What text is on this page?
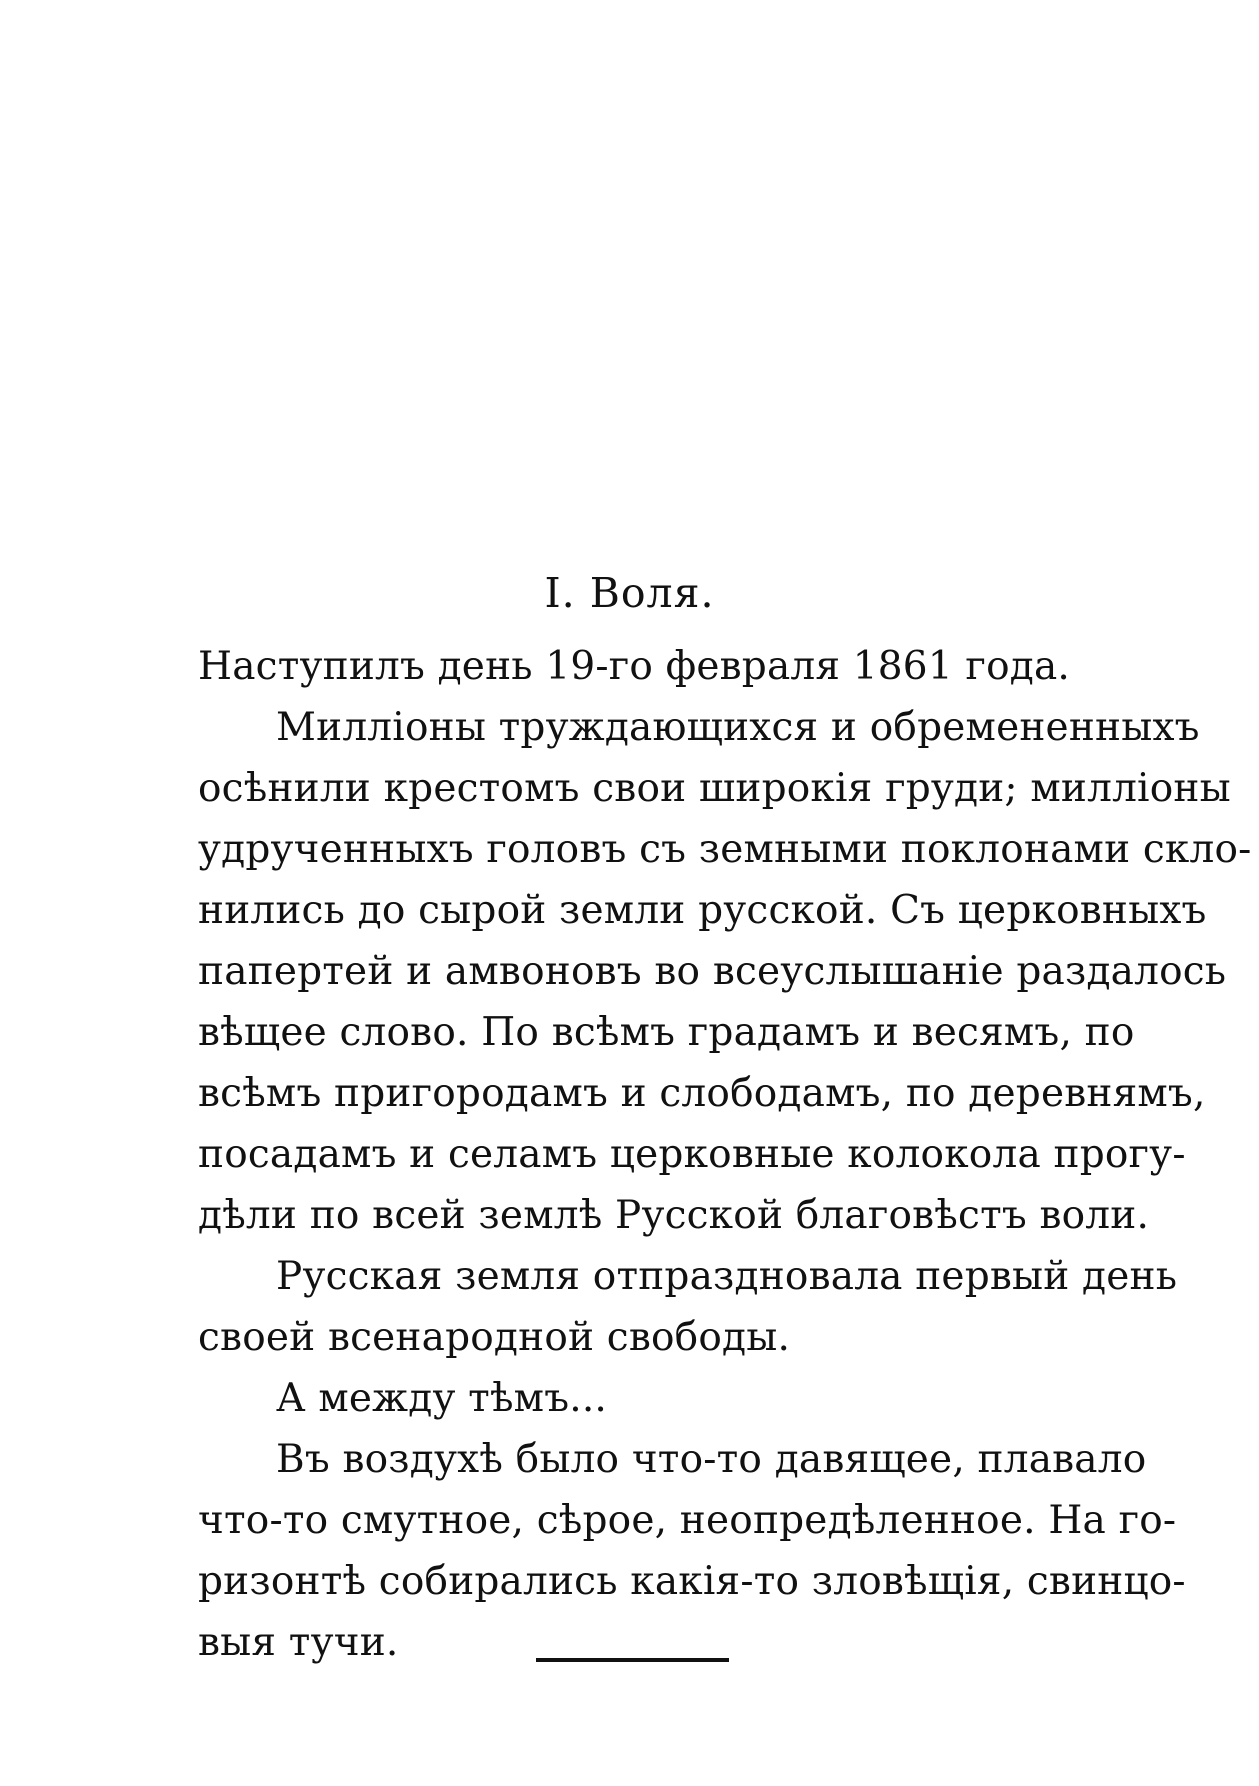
I. Воля.
Наступилъ день 19-го февраля 1861 года.
Милліоны труждающихся и обремененныхъ
осѣнили крестомъ свои широкія груди; милліоны
удрученныхъ головъ съ земными поклонами скло-
нились до сырой земли русской. Съ церковныхъ
папертей и амвоновъ во всеуслышаніе раздалось
вѣщее слово. По всѣмъ градамъ и весямъ, по
всѣмъ пригородамъ и слободамъ, по деревнямъ,
посадамъ и селамъ церковные колокола прогу-
дѣли по всей землѣ Русской благовѣстъ воли.
Русская земля отпраздновала первый день
своей всенародной свободы.
А между тѣмъ...
Въ воздухѣ было что-то давящее, плавало
что-то смутное, сѣрое, неопредѣленное. На го-
ризонтѣ собирались какія-то зловѣщія, свинцо-
выя тучи.
